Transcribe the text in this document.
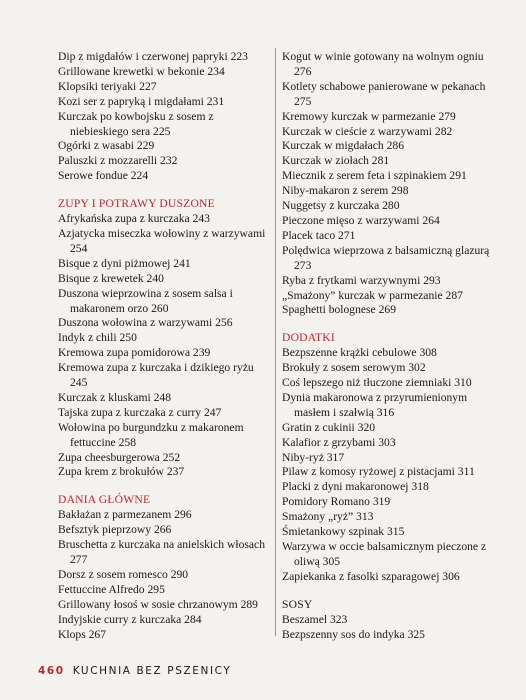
Dip z migdałów i czerwonej papryki 223
Grillowane krewetki w bekonie 234
Klopsiki teriyaki 227
Kozi ser z papryką i migdałami 231
Kurczak po kowbojsku z sosem z niebieskiego sera 225
Ogórki z wasabi 229
Paluszki z mozzarelli 232
Serowe fondue 224
ZUPY I POTRAWY DUSZONE
Afrykańska zupa z kurczaka 243
Azjatycka miseczka wołowiny z warzywami 254
Bisque z dyni piżmowej 241
Bisque z krewetek 240
Duszona wieprzowina z sosem salsa i makaronem orzo 260
Duszona wołowina z warzywami 256
Indyk z chili 250
Kremowa zupa pomidorowa 239
Kremowa zupa z kurczaka i dzikiego ryżu 245
Kurczak z kluskami 248
Tajska zupa z kurczaka z curry 247
Wołowina po burgundzku z makaronem fettuccine 258
Zupa cheesburgerowa 252
Zupa krem z brokułów 237
DANIA GŁÓWNE
Bakłażan z parmezanem 296
Befsztyk pieprzowy 266
Bruschetta z kurczaka na anielskich włosach 277
Dorsz z sosem romesco 290
Fettuccine Alfredo 295
Grillowany łosoś w sosie chrzanowym 289
Indyjskie curry z kurczaka 284
Klops 267
Kogut w winie gotowany na wolnym ogniu 276
Kotlety schabowe panierowane w pekanach 275
Kremowy kurczak w parmezanie 279
Kurczak w cieście z warzywami 282
Kurczak w migdałach 286
Kurczak w ziołach 281
Miecznik z serem feta i szpinakiem 291
Niby-makaron z serem 298
Nuggetsy z kurczaka 280
Pieczone mięso z warzywami 264
Placek taco 271
Polędwica wieprzowa z balsamiczną glazurą 273
Ryba z frytkami warzywnymi 293
„Smażony” kurczak w parmezanie 287
Spaghetti bolognese 269
DODATKI
Bezpszenne krążki cebulowe 308
Brokuły z sosem serowym 302
Coś lepszego niż tłuczone ziemniaki 310
Dynia makaronowa z przyrumienionym masłem i szałwią 316
Gratin z cukinii 320
Kalafior z grzybami 303
Niby-ryż 317
Pilaw z komosy ryżowej z pistacjami 311
Placki z dyni makaronowej 318
Pomidory Romano 319
Smażony „ryż” 313
Śmietankowy szpinak 315
Warzywa w occie balsamicznym pieczone z oliwą 305
Zapiekanka z fasolki szparagowej 306
SOSY
Beszamel 323
Bezpszenny sos do indyka 325
460 KUCHNIA BEZ PSZENICY
